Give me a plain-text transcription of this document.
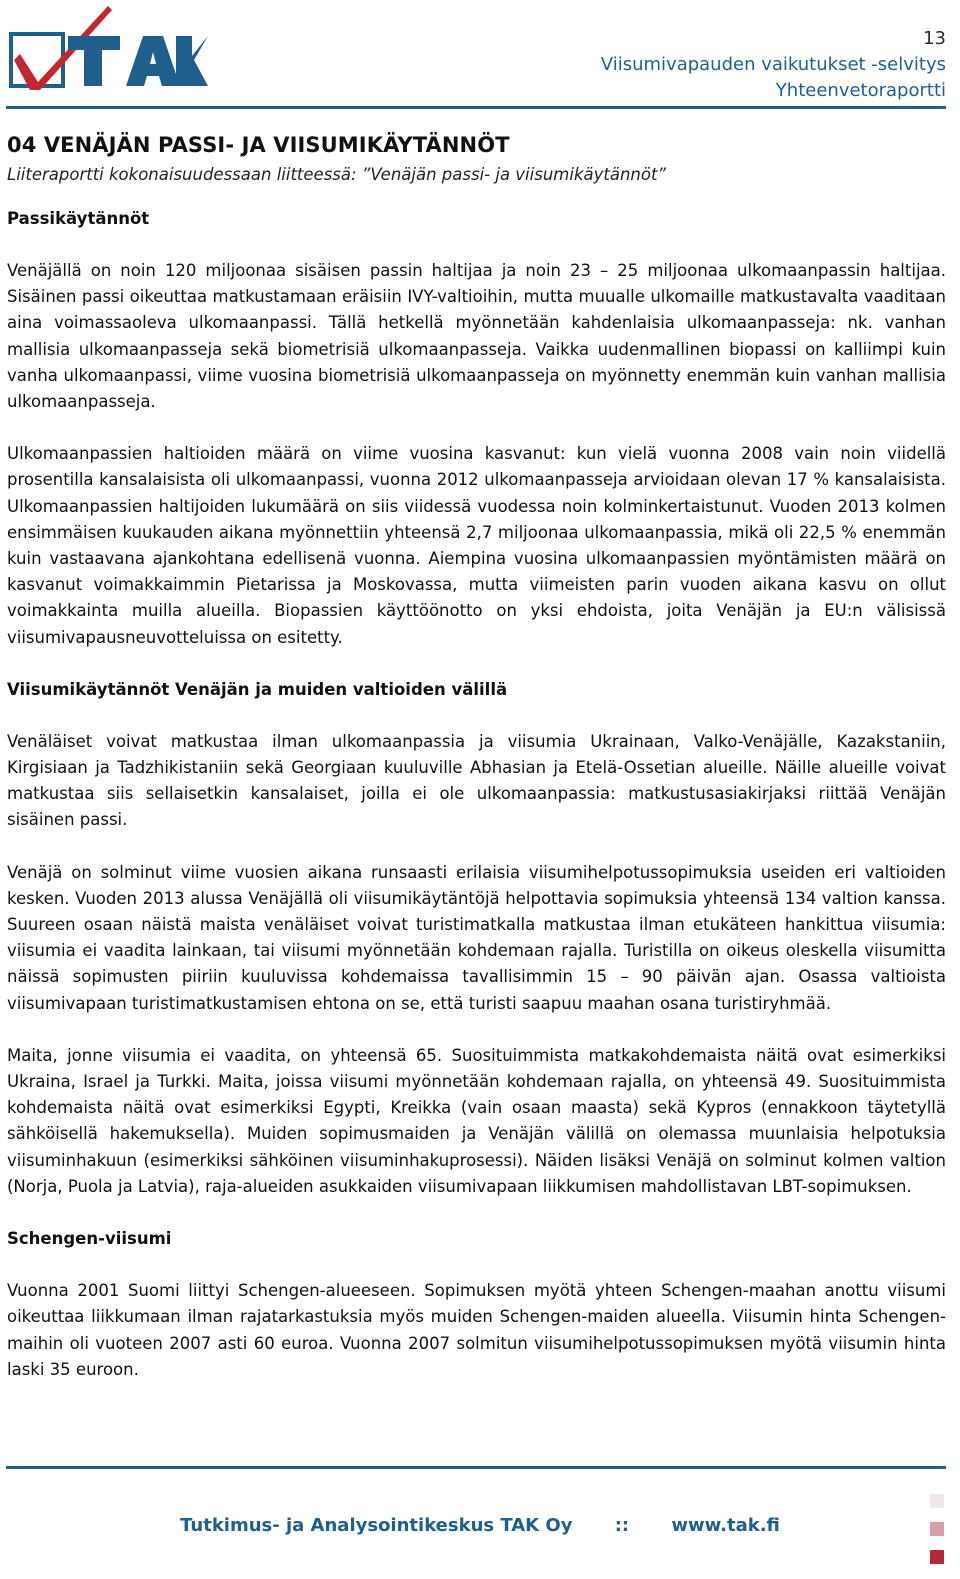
13
Viisumivapauden vaikutukset -selvitys
Yhteenvetoraportti
04 VENÄJÄN PASSI- JA VIISUMIKÄYTÄNNÖT
Liiteraportti kokonaisuudessaan liitteessä: ”Venäjän passi- ja viisumikäytännöt”
Passikäytännöt

Venäjällä on noin 120 miljoonaa sisäisen passin haltijaa ja noin 23 – 25 miljoonaa ulkomaanpassin haltijaa. Sisäinen passi oikeuttaa matkustamaan eräisiin IVY-valtioihin, mutta muualle ulkomaille matkustavalta vaaditaan aina voimassaoleva ulkomaanpassi. Tällä hetkellä myönnetään kahdenlaisia ulkomaanpasseja: nk. vanhan mallisia ulkomaanpasseja sekä biometrisiä ulkomaanpasseja. Vaikka uudenmallinen biopassi on kalliimpi kuin vanha ulkomaanpassi, viime vuosina biometrisiä ulkomaanpasseja on myönnetty enemmän kuin vanhan mallisia ulkomaanpasseja.

Ulkomaanpassien haltioiden määrä on viime vuosina kasvanut: kun vielä vuonna 2008 vain noin viidellä prosentilla kansalaisista oli ulkomaanpassi, vuonna 2012 ulkomaanpasseja arvioidaan olevan 17 % kansalaisista. Ulkomaanpassien haltijoiden lukumäärä on siis viidessä vuodessa noin kolminkertaistunut. Vuoden 2013 kolmen ensimmäisen kuukauden aikana myönnettiin yhteensä 2,7 miljoonaa ulkomaanpassia, mikä oli 22,5 % enemmän kuin vastaavana ajankohtana edellisenä vuonna. Aiempina vuosina ulkomaanpassien myöntämisten määrä on kasvanut voimakkaimmin Pietarissa ja Moskovassa, mutta viimeisten parin vuoden aikana kasvu on ollut voimakkainta muilla alueilla. Biopassien käyttöönotto on yksi ehdoista, joita Venäjän ja EU:n välisissä viisumivapausneuvotteluissa on esitetty.

Viisumikäytännöt Venäjän ja muiden valtioiden välillä

Venäläiset voivat matkustaa ilman ulkomaanpassia ja viisumia Ukrainaan, Valko-Venäjälle, Kazakstaniin, Kirgisiaan ja Tadzhikistaniin sekä Georgiaan kuuluville Abhasian ja Etelä-Ossetian alueille. Näille alueille voivat matkustaa siis sellaisetkin kansalaiset, joilla ei ole ulkomaanpassia: matkustusasiakirjaksi riittää Venäjän sisäinen passi.

Venäjä on solminut viime vuosien aikana runsaasti erilaisia viisumihelpotussopimuksia useiden eri valtioiden kesken. Vuoden 2013 alussa Venäjällä oli viisumikäytäntöjä helpottavia sopimuksia yhteensä 134 valtion kanssa. Suureen osaan näistä maista venäläiset voivat turistimatkalla matkustaa ilman etukäteen hankittua viisumia: viisumia ei vaadita lainkaan, tai viisumi myönnetään kohdemaan rajalla. Turistilla on oikeus oleskella viisumitta näissä sopimusten piiriin kuuluvissa kohdemaissa tavallisimmin 15 – 90 päivän ajan. Osassa valtioista viisumivapaan turistimatkustamisen ehtona on se, että turisti saapuu maahan osana turistiryhmää.

Maita, jonne viisumia ei vaadita, on yhteensä 65. Suosituimmista matkakohdemaista näitä ovat esimerkiksi Ukraina, Israel ja Turkki. Maita, joissa viisumi myönnetään kohdemaan rajalla, on yhteensä 49. Suosituimmista kohdemaista näitä ovat esimerkiksi Egypti, Kreikka (vain osaan maasta) sekä Kypros (ennakkoon täytetyllä sähköisellä hakemuksella). Muiden sopimusmaiden ja Venäjän välillä on olemassa muunlaisia helpotuksia viisuminhakuun (esimerkiksi sähköinen viisuminhakuprosessi). Näiden lisäksi Venäjä on solminut kolmen valtion (Norja, Puola ja Latvia), raja-alueiden asukkaiden viisumivapaan liikkumisen mahdollistavan LBT-sopimuksen.

Schengen-viisumi

Vuonna 2001 Suomi liittyi Schengen-alueeseen. Sopimuksen myötä yhteen Schengen-maahan anottu viisumi oikeuttaa liikkumaan ilman rajatarkastuksia myös muiden Schengen-maiden alueella. Viisumin hinta Schengen-maihin oli vuoteen 2007 asti 60 euroa. Vuonna 2007 solmitun viisumihelpotussopimuksen myötä viisumin hinta laski 35 euroon.

Tutkimus- ja Analysointikeskus TAK Oy :: www.tak.fi
